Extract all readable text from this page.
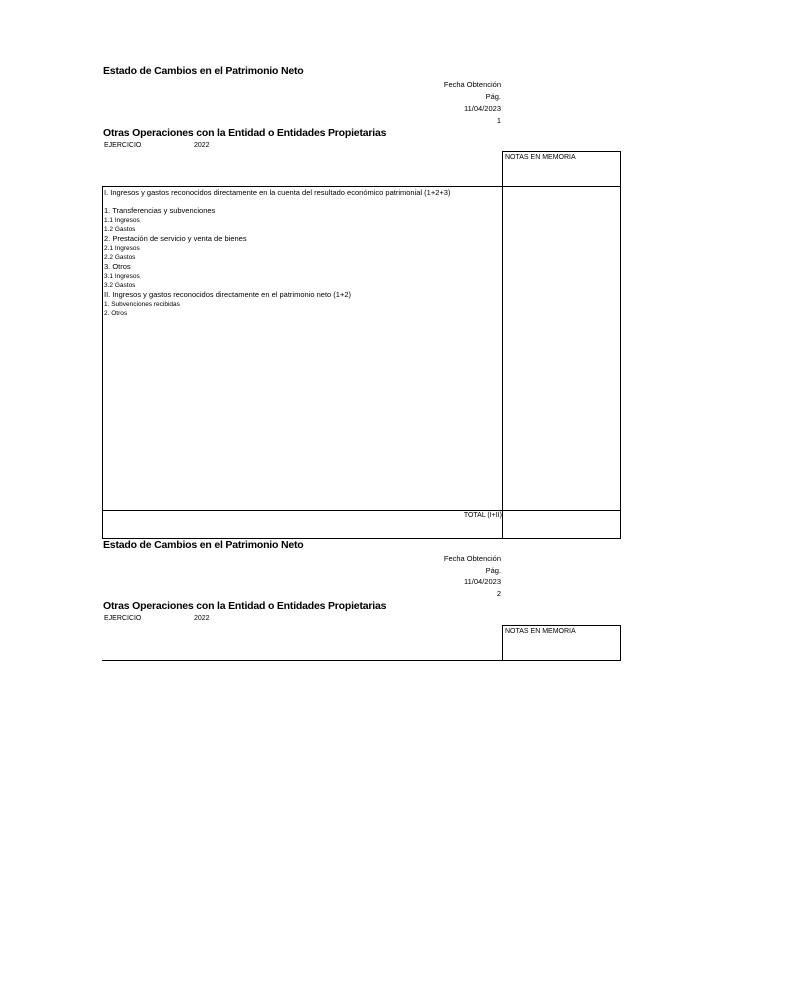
Estado de Cambios en el Patrimonio Neto
Fecha Obtención
Pág.
11/04/2023
1
Otras Operaciones con la Entidad o Entidades Propietarias
EJERCICIO	2022
NOTAS EN MEMORIA
I. Ingresos y gastos reconocidos directamente en la cuenta del resultado económico patrimonial (1+2+3)
1. Transferencias y subvenciones
1.1 Ingresos
1.2 Gastos
2. Prestación de servicio y venta de bienes
2.1 Ingresos
2.2 Gastos
3. Otros
3.1 Ingresos
3.2 Gastos
II. Ingresos y gastos reconocidos directamente en el patrimonio neto (1+2)
1. Subvenciones recibidas
2. Otros
TOTAL (I+II)
Estado de Cambios en el Patrimonio Neto
Fecha Obtención
Pág.
11/04/2023
2
Otras Operaciones con la Entidad o Entidades Propietarias
EJERCICIO	2022
NOTAS EN MEMORIA
